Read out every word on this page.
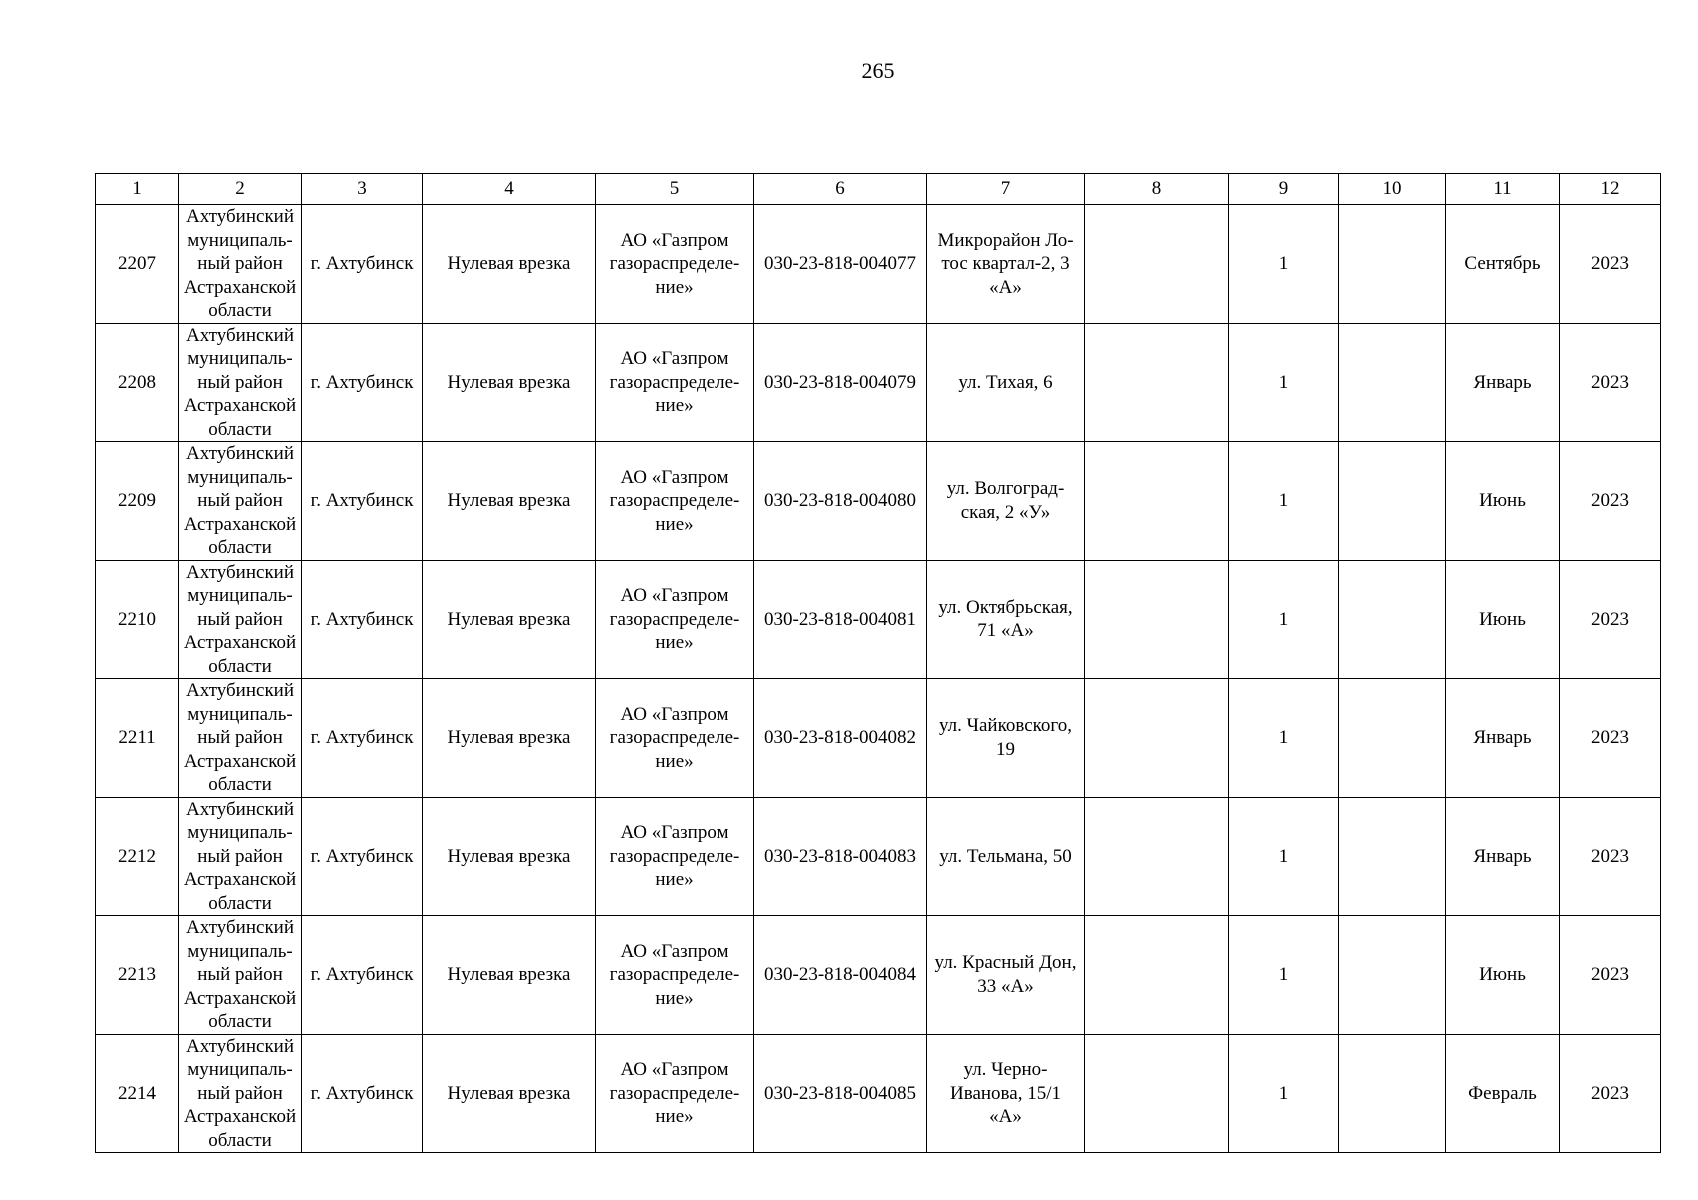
265
1	2	3	4	5	6	7	8	9	10	11	12
2207	Ахтубинский
муниципаль-
ный район
Астраханской
области	г. Ахтубинск	Нулевая врезка	АО «Газпром
газораспределе-
ние»	030-23-818-004077	Микрорайон Ло-
тос квартал-2, 3
«А»		1		Сентябрь	2023
2208	Ахтубинский
муниципаль-
ный район
Астраханской
области	г. Ахтубинск	Нулевая врезка	АО «Газпром
газораспределе-
ние»	030-23-818-004079	ул. Тихая, 6		1		Январь	2023
2209	Ахтубинский
муниципаль-
ный район
Астраханской
области	г. Ахтубинск	Нулевая врезка	АО «Газпром
газораспределе-
ние»	030-23-818-004080	ул. Волгоград-
ская, 2 «У»		1		Июнь	2023
2210	Ахтубинский
муниципаль-
ный район
Астраханской
области	г. Ахтубинск	Нулевая врезка	АО «Газпром
газораспределе-
ние»	030-23-818-004081	ул. Октябрьская,
71 «А»		1		Июнь	2023
2211	Ахтубинский
муниципаль-
ный район
Астраханской
области	г. Ахтубинск	Нулевая врезка	АО «Газпром
газораспределе-
ние»	030-23-818-004082	ул. Чайковского,
19		1		Январь	2023
2212	Ахтубинский
муниципаль-
ный район
Астраханской
области	г. Ахтубинск	Нулевая врезка	АО «Газпром
газораспределе-
ние»	030-23-818-004083	ул. Тельмана, 50		1		Январь	2023
2213	Ахтубинский
муниципаль-
ный район
Астраханской
области	г. Ахтубинск	Нулевая врезка	АО «Газпром
газораспределе-
ние»	030-23-818-004084	ул. Красный Дон,
33 «А»		1		Июнь	2023
2214	Ахтубинский
муниципаль-
ный район
Астраханской
области	г. Ахтубинск	Нулевая врезка	АО «Газпром
газораспределе-
ние»	030-23-818-004085	ул. Черно-
Иванова, 15/1
«А»		1		Февраль	2023
